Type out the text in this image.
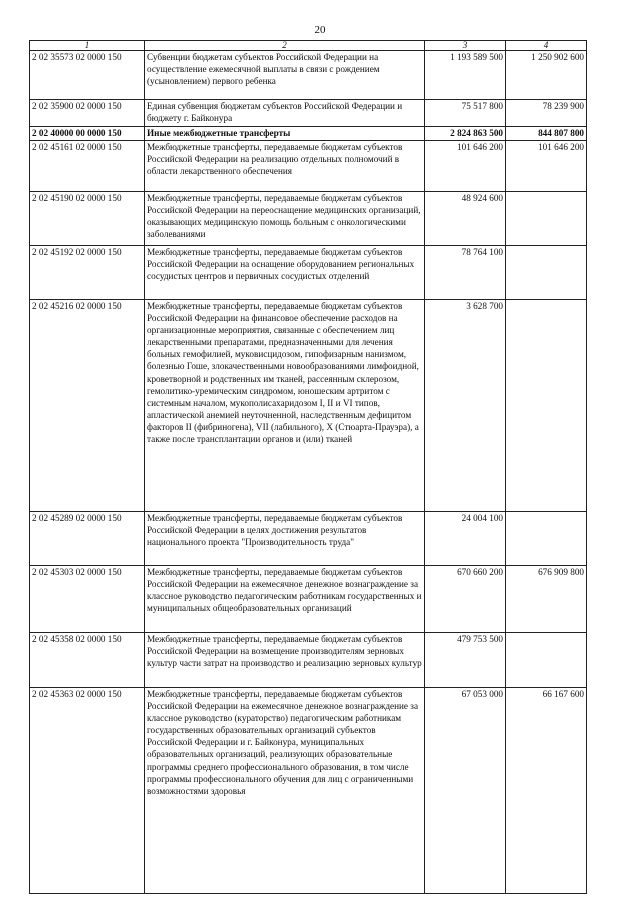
20
1	2	3	4
2 02 35573 02 0000 150	Субвенции бюджетам субъектов Российской Федерации на осуществление ежемесячной выплаты в связи с рождением (усыновлением) первого ребенка	1 193 589 500	1 250 902 600
2 02 35900 02 0000 150	Единая субвенция бюджетам субъектов Российской Федерации и бюджету г. Байконура	75 517 800	78 239 900
2 02 40000 00 0000 150	Иные межбюджетные трансферты	2 824 863 500	844 807 800
2 02 45161 02 0000 150	Межбюджетные трансферты, передаваемые бюджетам субъектов Российской Федерации на реализацию отдельных полномочий в области лекарственного обеспечения	101 646 200	101 646 200
2 02 45190 02 0000 150	Межбюджетные трансферты, передаваемые бюджетам субъектов Российской Федерации на переоснащение медицинских организаций, оказывающих медицинскую помощь больным с онкологическими заболеваниями	48 924 600	
2 02 45192 02 0000 150	Межбюджетные трансферты, передаваемые бюджетам субъектов Российской Федерации на оснащение оборудованием региональных сосудистых центров и первичных сосудистых отделений	78 764 100	
2 02 45216 02 0000 150	Межбюджетные трансферты, передаваемые бюджетам субъектов Российской Федерации на финансовое обеспечение расходов на организационные мероприятия, связанные с обеспечением лиц лекарственными препаратами, предназначенными для лечения больных гемофилией, муковисцидозом, гипофизарным нанизмом, болезнью Гоше, злокачественными новообразованиями лимфоидной, кроветворной и родственных им тканей, рассеянным склерозом, гемолитико-уремическим синдромом, юношеским артритом с системным началом, мукополисахаридозом I, II и VI типов, апластической анемией неуточненной, наследственным дефицитом факторов II (фибриногена), VII (лабильного), X (Стюарта-Прауэра), а также после трансплантации органов и (или) тканей	3 628 700	
2 02 45289 02 0000 150	Межбюджетные трансферты, передаваемые бюджетам субъектов Российской Федерации в целях достижения результатов национального проекта "Производительность труда"	24 004 100	
2 02 45303 02 0000 150	Межбюджетные трансферты, передаваемые бюджетам субъектов Российской Федерации на ежемесячное денежное вознаграждение за классное руководство педагогическим работникам государственных и муниципальных общеобразовательных организаций	670 660 200	676 909 800
2 02 45358 02 0000 150	Межбюджетные трансферты, передаваемые бюджетам субъектов Российской Федерации на возмещение производителям зерновых культур части затрат на производство и реализацию зерновых культур	479 753 500	
2 02 45363 02 0000 150	Межбюджетные трансферты, передаваемые бюджетам субъектов Российской Федерации на ежемесячное денежное вознаграждение за классное руководство (кураторство) педагогическим работникам государственных образовательных организаций субъектов Российской Федерации и г. Байконура, муниципальных образовательных организаций, реализующих образовательные программы среднего профессионального образования, в том числе программы профессионального обучения для лиц с ограниченными возможностями здоровья	67 053 000	66 167 600
